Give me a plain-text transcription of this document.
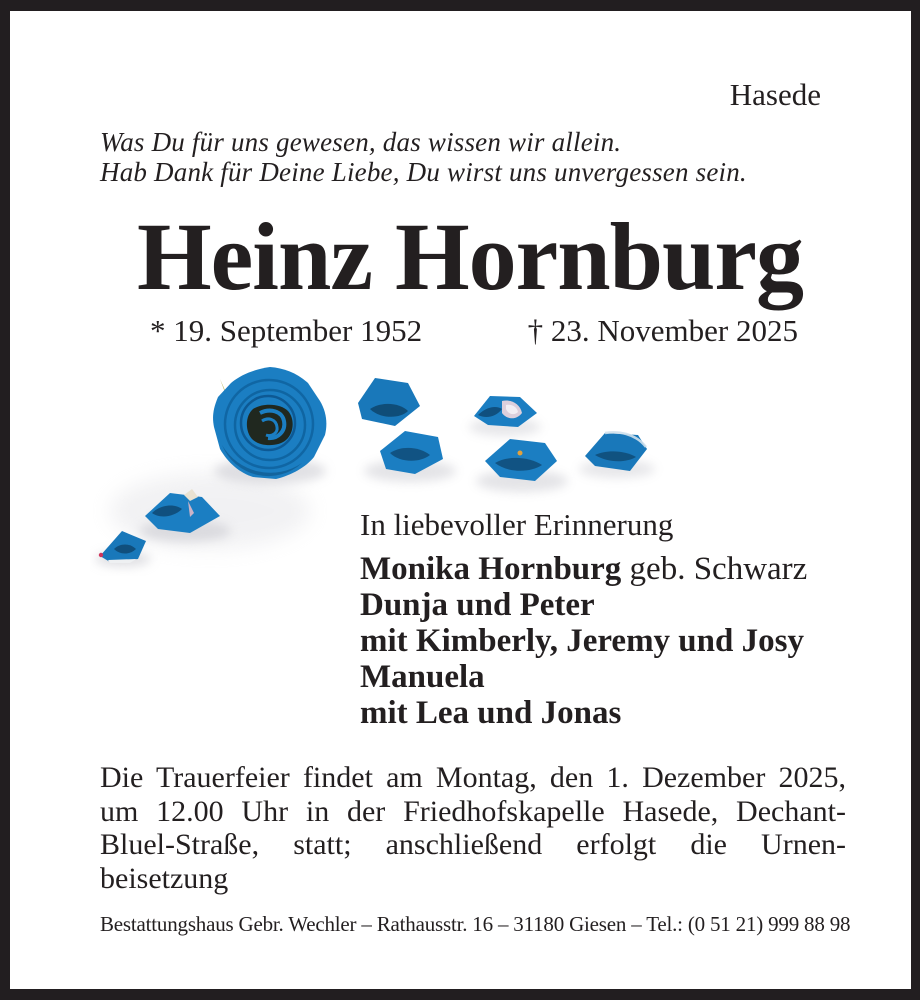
Hasede
Was Du für uns gewesen, das wissen wir allein.
Hab Dank für Deine Liebe, Du wirst uns unvergessen sein.
Heinz Hornburg
* 19. September 1952	† 23. November 2025
In liebevoller Erinnerung
Monika Hornburg geb. Schwarz
Dunja und Peter
mit Kimberly, Jeremy und Josy
Manuela
mit Lea und Jonas
Die Trauerfeier findet am Montag, den 1. Dezember 2025,
um 12.00 Uhr in der Friedhofskapelle Hasede, Dechant-
Bluel-Straße, statt; anschließend erfolgt die Urnen-
beisetzung
Bestattungshaus Gebr. Wechler – Rathausstr. 16 – 31180 Giesen – Tel.: (0 51 21) 999 88 98
